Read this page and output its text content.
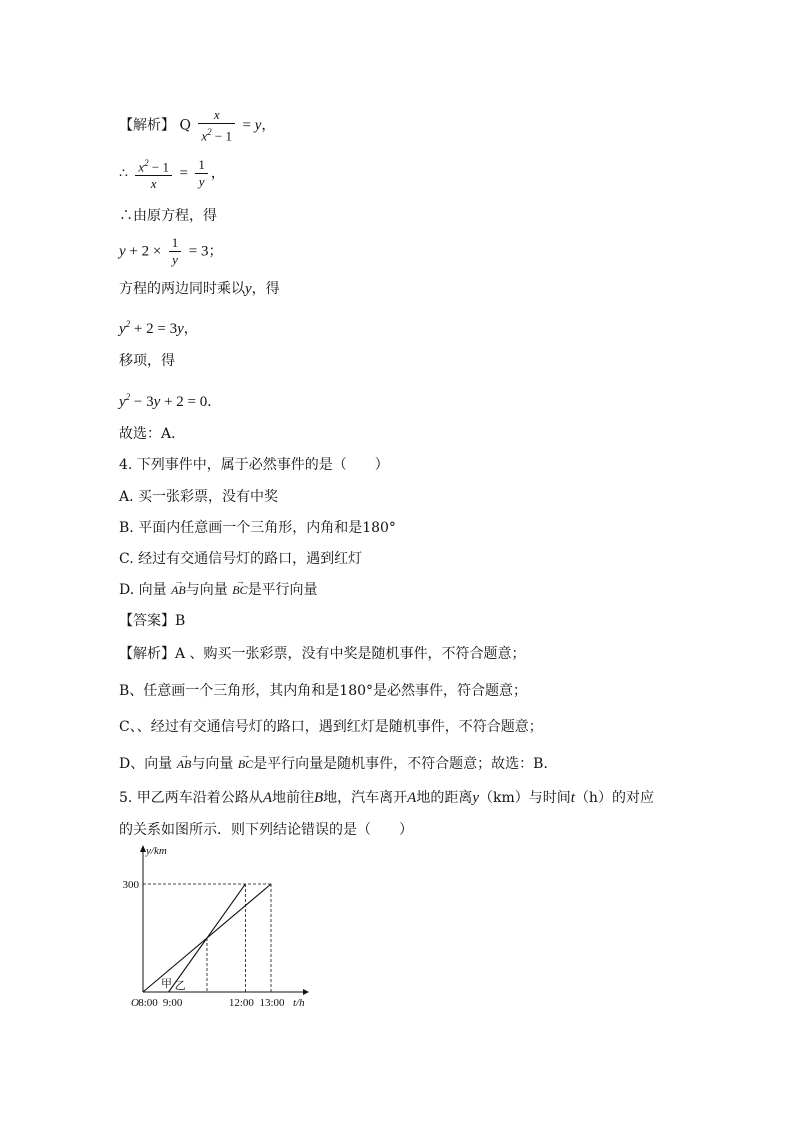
【解析】 Q $\frac{x}{x^2 - 1} = y$，
∴ $\frac{x^2 - 1}{x} = \frac{1}{y}$ ，
∴由原方程，得
$y + 2 \times \frac{1}{y} = 3$；
方程的两边同时乘以y，得
$y^2 + 2 = 3y$，
移项，得
$y^2 - 3y + 2 = 0$．
故选：A．
4. 下列事件中，属于必然事件的是（　　）
A. 买一张彩票，没有中奖
B. 平面内任意画一个三角形，内角和是180°
C. 经过有交通信号灯的路口，遇到红灯
D. 向量 → AB与向量 → BC是平行向量
【答案】B
【解析】A 、购买一张彩票，没有中奖是随机事件，不符合题意；
B、任意画一个三角形，其内角和是180°是必然事件，符合题意；
C、、经过有交通信号灯的路口，遇到红灯是随机事件，不符合题意；
D、向量 → AB与向量 → BC是平行向量是随机事件，不符合题意；故选：B．
5. 甲乙两车沿着公路从A地前往B地，汽车离开A地的距离y（km）与时间t（h）的对应
的关系如图所示．则下列结论错误的是（　　）
8:00 9:00	12:00 13:00
300
O
y/km
t/h
甲 乙
